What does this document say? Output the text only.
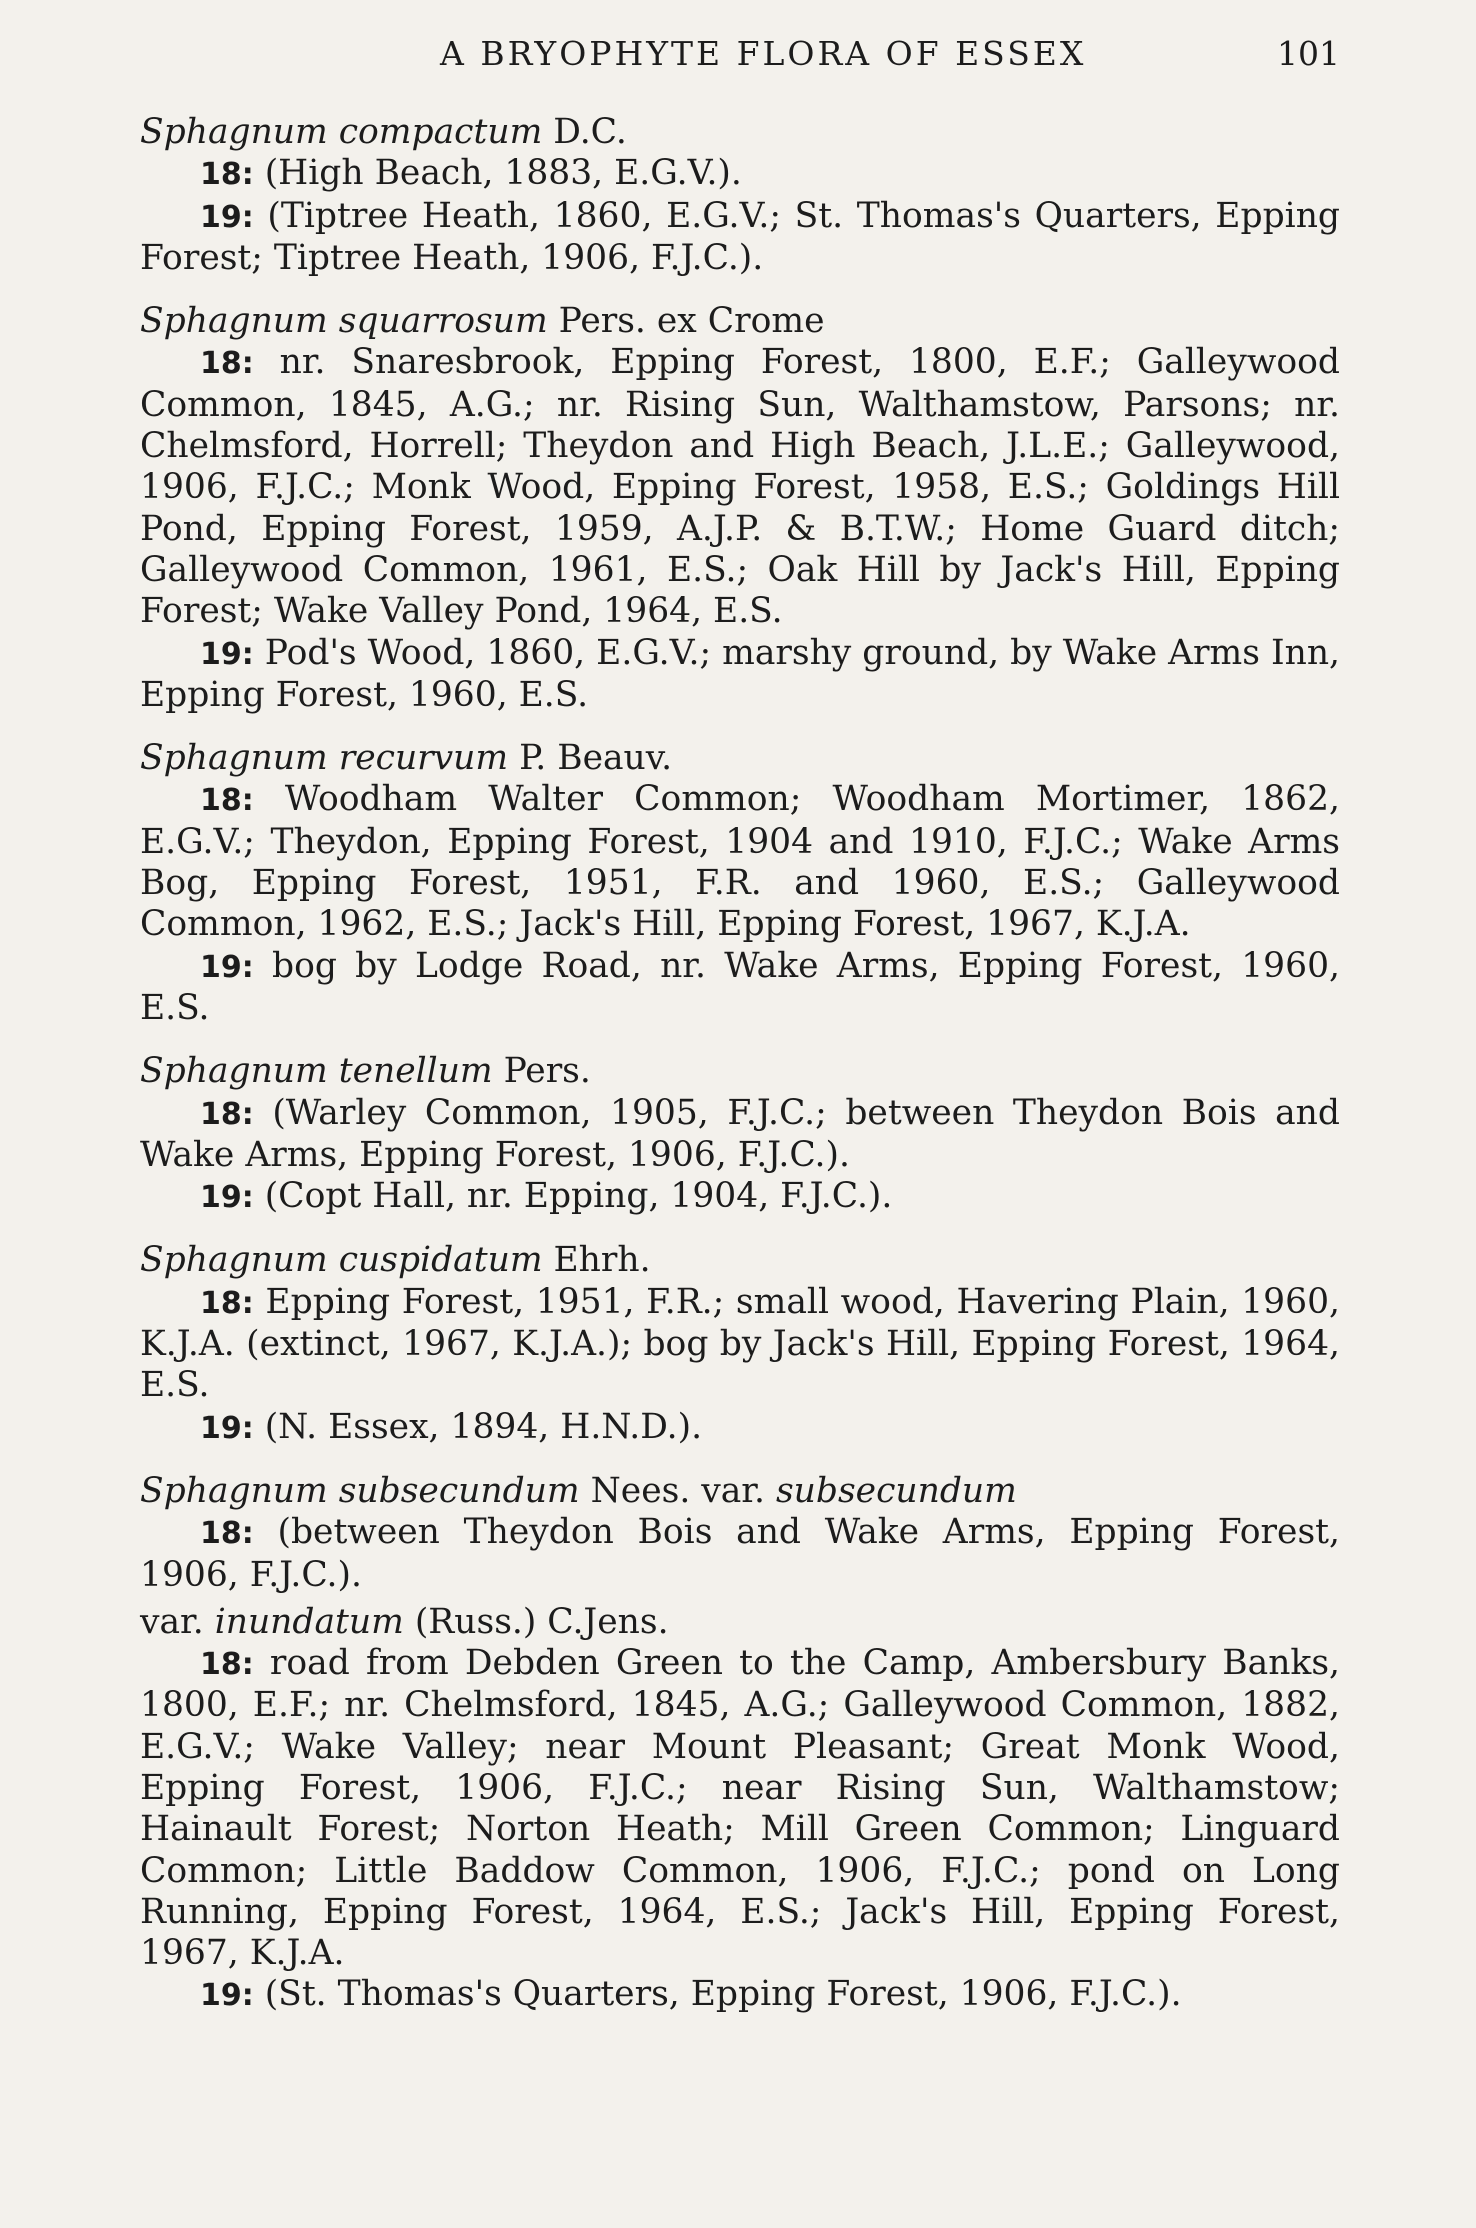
A BRYOPHYTE FLORA OF ESSEX	101
Sphagnum compactum D.C.
18: (High Beach, 1883, E.G.V.).
19: (Tiptree Heath, 1860, E.G.V.; St. Thomas's Quarters, Epping Forest; Tiptree Heath, 1906, F.J.C.).
Sphagnum squarrosum Pers. ex Crome
18: nr. Snaresbrook, Epping Forest, 1800, E.F.; Galleywood Common, 1845, A.G.; nr. Rising Sun, Walthamstow, Parsons; nr. Chelmsford, Horrell; Theydon and High Beach, J.L.E.; Galleywood, 1906, F.J.C.; Monk Wood, Epping Forest, 1958, E.S.; Goldings Hill Pond, Epping Forest, 1959, A.J.P. & B.T.W.; Home Guard ditch; Galleywood Common, 1961, E.S.; Oak Hill by Jack's Hill, Epping Forest; Wake Valley Pond, 1964, E.S.
19: Pod's Wood, 1860, E.G.V.; marshy ground, by Wake Arms Inn, Epping Forest, 1960, E.S.
Sphagnum recurvum P. Beauv.
18: Woodham Walter Common; Woodham Mortimer, 1862, E.G.V.; Theydon, Epping Forest, 1904 and 1910, F.J.C.; Wake Arms Bog, Epping Forest, 1951, F.R. and 1960, E.S.; Galleywood Common, 1962, E.S.; Jack's Hill, Epping Forest, 1967, K.J.A.
19: bog by Lodge Road, nr. Wake Arms, Epping Forest, 1960, E.S.
Sphagnum tenellum Pers.
18: (Warley Common, 1905, F.J.C.; between Theydon Bois and Wake Arms, Epping Forest, 1906, F.J.C.).
19: (Copt Hall, nr. Epping, 1904, F.J.C.).
Sphagnum cuspidatum Ehrh.
18: Epping Forest, 1951, F.R.; small wood, Havering Plain, 1960, K.J.A. (extinct, 1967, K.J.A.); bog by Jack's Hill, Epping Forest, 1964, E.S.
19: (N. Essex, 1894, H.N.D.).
Sphagnum subsecundum Nees. var. subsecundum
18: (between Theydon Bois and Wake Arms, Epping Forest, 1906, F.J.C.).
var. inundatum (Russ.) C.Jens.
18: road from Debden Green to the Camp, Ambersbury Banks, 1800, E.F.; nr. Chelmsford, 1845, A.G.; Galleywood Common, 1882, E.G.V.; Wake Valley; near Mount Pleasant; Great Monk Wood, Epping Forest, 1906, F.J.C.; near Rising Sun, Walthamstow; Hainault Forest; Norton Heath; Mill Green Common; Linguard Common; Little Baddow Common, 1906, F.J.C.; pond on Long Running, Epping Forest, 1964, E.S.; Jack's Hill, Epping Forest, 1967, K.J.A.
19: (St. Thomas's Quarters, Epping Forest, 1906, F.J.C.).
